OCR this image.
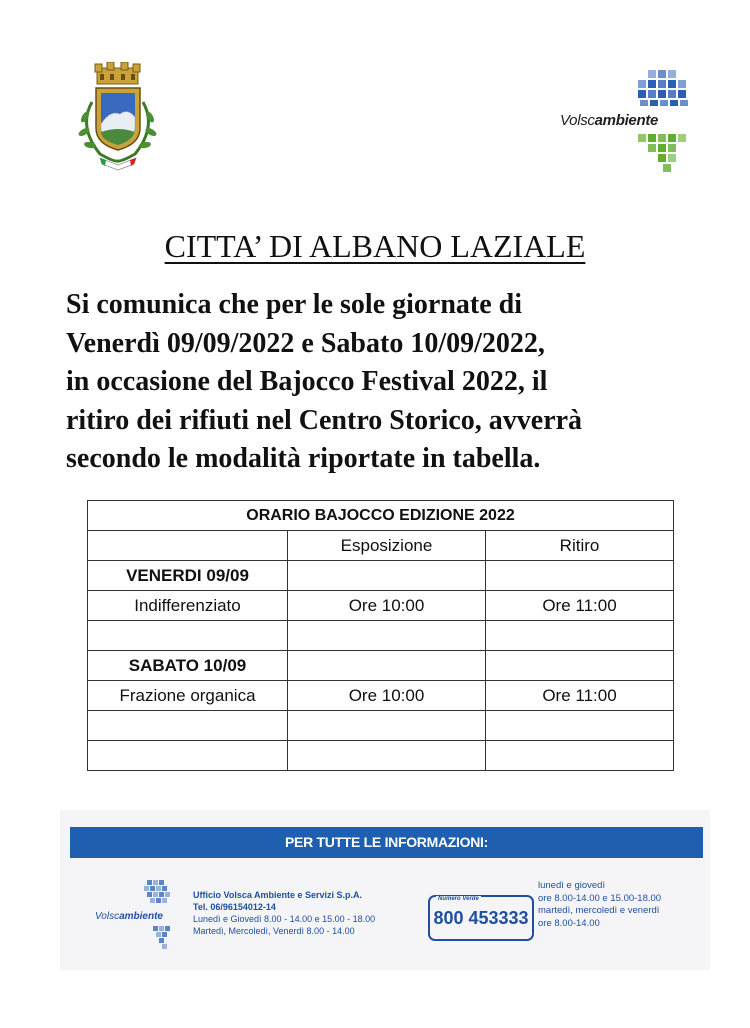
Volscambiente
CITTA’ DI ALBANO LAZIALE
Si comunica che per le sole giornate di
Venerdì 09/09/2022 e Sabato 10/09/2022,
in occasione del Bajocco Festival 2022, il
ritiro dei rifiuti nel Centro Storico, avverrà
secondo le modalità riportate in tabella.
ORARIO BAJOCCO EDIZIONE 2022		
	Esposizione	Ritiro
VENERDI 09/09		
Indifferenziato	Ore 10:00	Ore 11:00

SABATO 10/09		
Frazione organica	Ore 10:00	Ore 11:00

PER TUTTE LE INFORMAZIONI:
Volscambiente
Ufficio Volsca Ambiente e Servizi S.p.A.
Tel. 06/96154012-14
Lunedì e Giovedì 8.00 - 14.00 e 15.00 - 18.00
Martedì, Mercoledì, Venerdì 8.00 - 14.00
Numero Verde
800 453333
lunedì e giovedì
ore 8.00-14.00 e 15.00-18.00
martedì, mercoledì e venerdì
ore 8.00-14.00
